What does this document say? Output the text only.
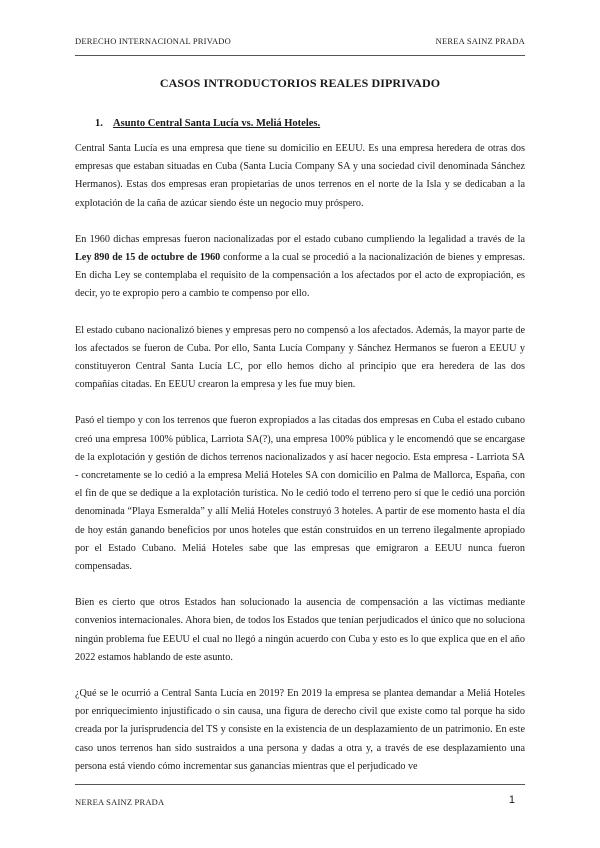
DERECHO INTERNACIONAL PRIVADO	NEREA SAINZ PRADA
CASOS INTRODUCTORIOS REALES DIPRIVADO
1. Asunto Central Santa Lucía vs. Meliá Hoteles.

Central Santa Lucía es una empresa que tiene su domicilio en EEUU. Es una empresa heredera de otras dos empresas que estaban situadas en Cuba (Santa Lucía Company SA y una sociedad civil denominada Sánchez Hermanos). Estas dos empresas eran propietarias de unos terrenos en el norte de la Isla y se dedicaban a la explotación de la caña de azúcar siendo éste un negocio muy próspero.

En 1960 dichas empresas fueron nacionalizadas por el estado cubano cumpliendo la legalidad a través de la Ley 890 de 15 de octubre de 1960 conforme a la cual se procedió a la nacionalización de bienes y empresas. En dicha Ley se contemplaba el requisito de la compensación a los afectados por el acto de expropiación, es decir, yo te expropio pero a cambio te compenso por ello.

El estado cubano nacionalizó bienes y empresas pero no compensó a los afectados. Además, la mayor parte de los afectados se fueron de Cuba. Por ello, Santa Lucía Company y Sánchez Hermanos se fueron a EEUU y constituyeron Central Santa Lucía LC, por ello hemos dicho al principio que era heredera de las dos compañías citadas. En EEUU crearon la empresa y les fue muy bien.

Pasó el tiempo y con los terrenos que fueron expropiados a las citadas dos empresas en Cuba el estado cubano creó una empresa 100% pública, Larriota SA(?), una empresa 100% pública y le encomendó que se encargase de la explotación y gestión de dichos terrenos nacionalizados y así hacer negocio. Esta empresa - Larriota SA - concretamente se lo cedió a la empresa Meliá Hoteles SA con domicilio en Palma de Mallorca, España, con el fin de que se dedique a la explotación turística. No le cedió todo el terreno pero sí que le cedió una porción denominada “Playa Esmeralda” y allí Meliá Hoteles construyó 3 hoteles. A partir de ese momento hasta el día de hoy están ganando beneficios por unos hoteles que están construidos en un terreno ilegalmente apropiado por el Estado Cubano. Meliá Hoteles sabe que las empresas que emigraron a EEUU nunca fueron compensadas.

Bien es cierto que otros Estados han solucionado la ausencia de compensación a las víctimas mediante convenios internacionales. Ahora bien, de todos los Estados que tenían perjudicados el único que no soluciona ningún problema fue EEUU el cual no llegó a ningún acuerdo con Cuba y esto es lo que explica que en el año 2022 estamos hablando de este asunto.

¿Qué se le ocurrió a Central Santa Lucía en 2019? En 2019 la empresa se plantea demandar a Meliá Hoteles por enriquecimiento injustificado o sin causa, una figura de derecho civil que existe como tal porque ha sido creada por la jurisprudencia del TS y consiste en la existencia de un desplazamiento de un patrimonio. En este caso unos terrenos han sido sustraidos a una persona y dadas a otra y, a través de ese desplazamiento una persona está viendo cómo incrementar sus ganancias mientras que el perjudicado ve

NEREA SAINZ PRADA	1
